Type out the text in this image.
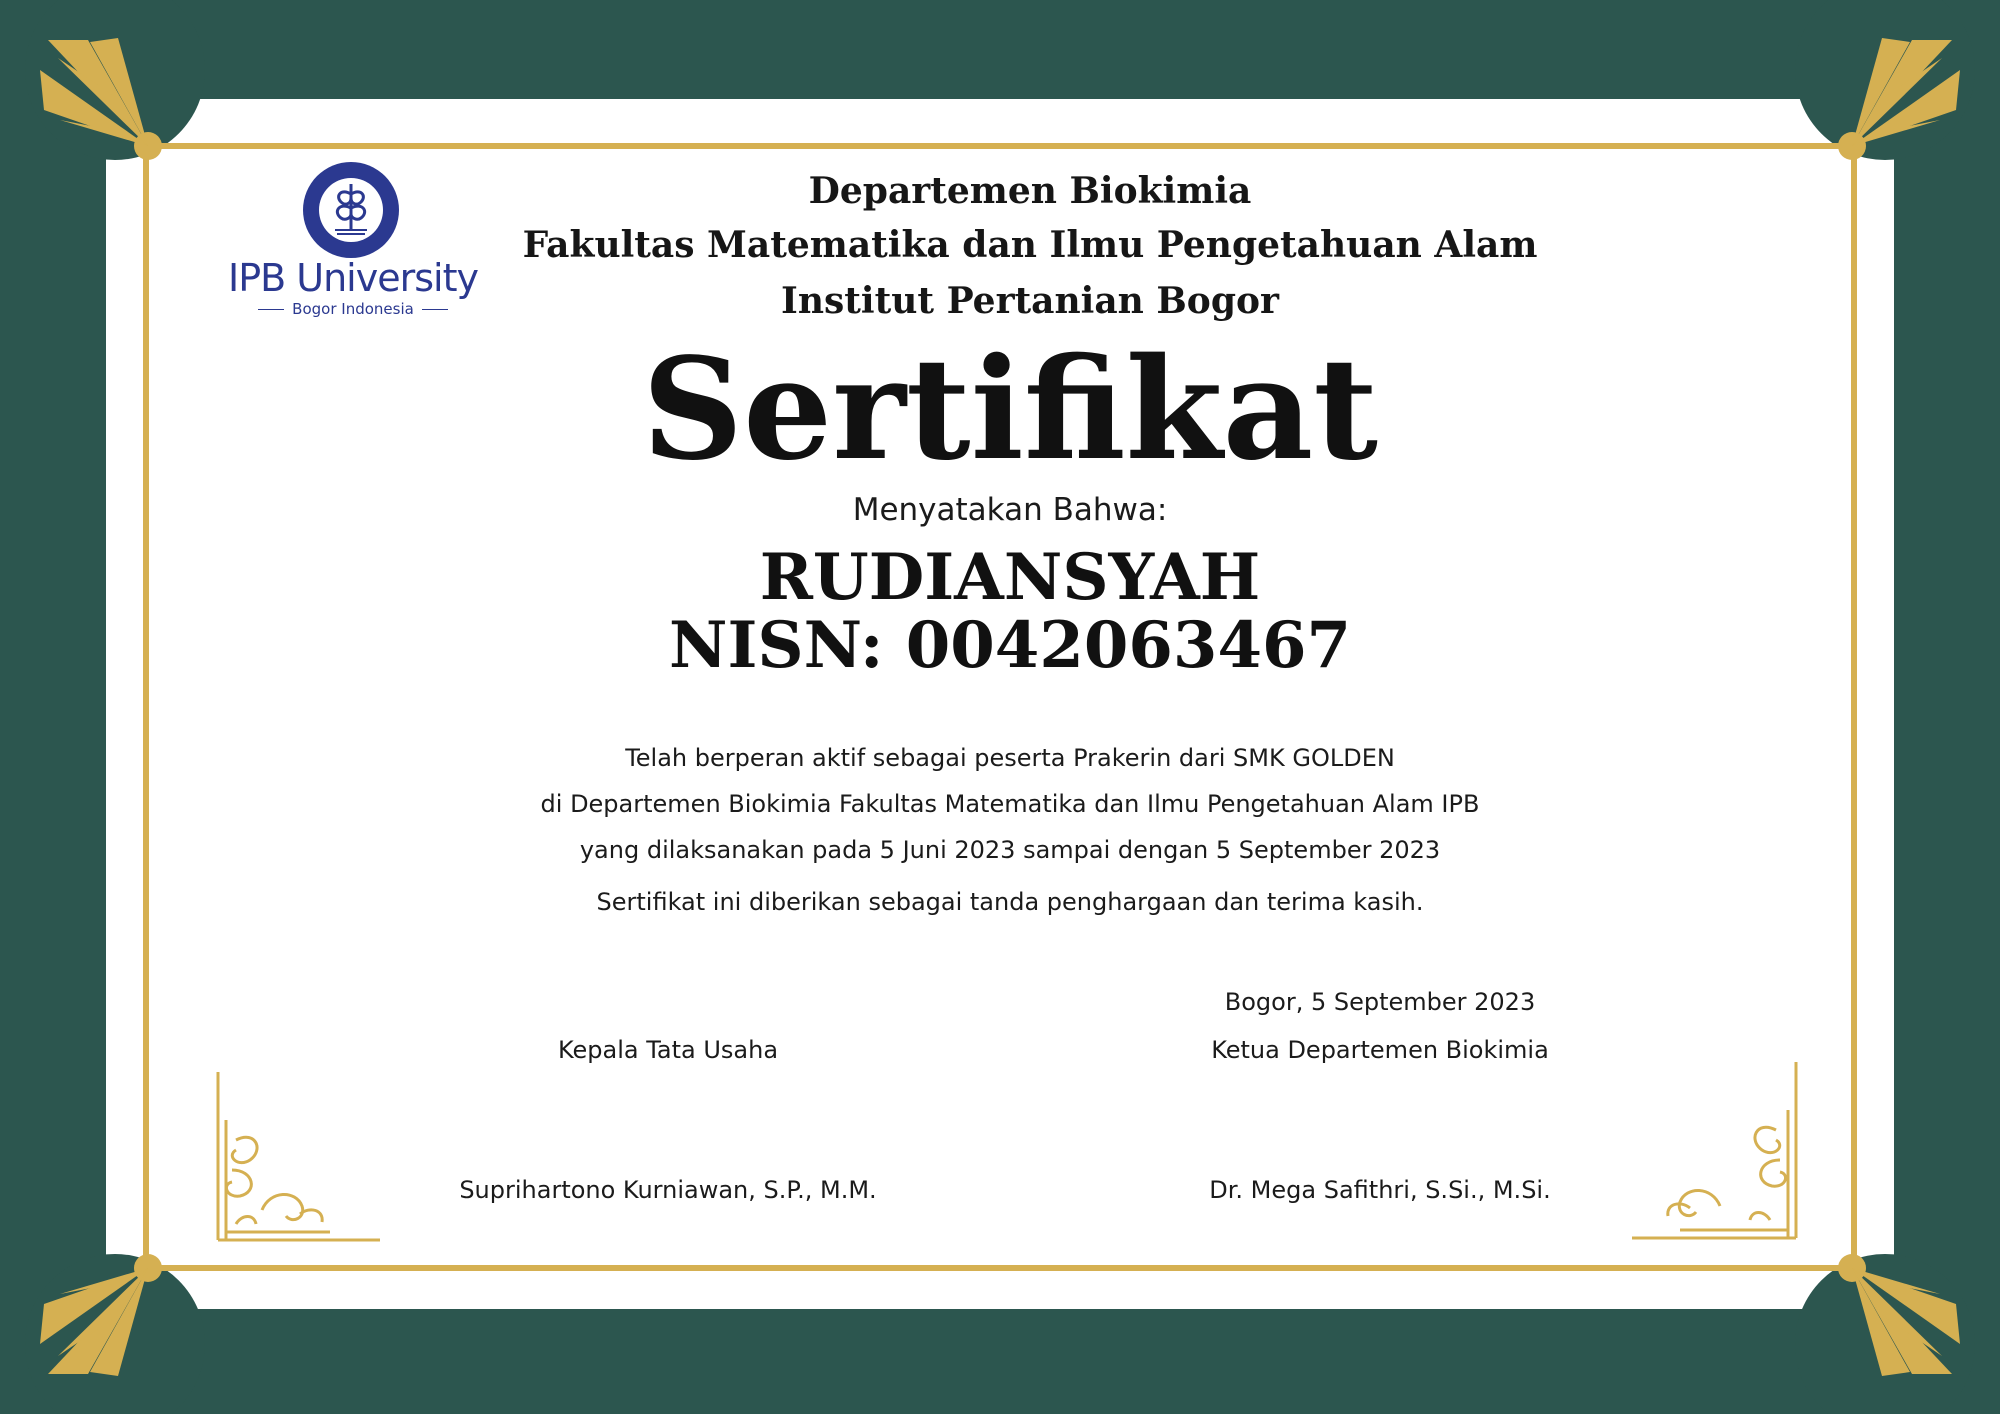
IPB University
Bogor Indonesia
Departemen Biokimia
Fakultas Matematika dan Ilmu Pengetahuan Alam
Institut Pertanian Bogor
Sertifikat
Menyatakan Bahwa:
RUDIANSYAH
NISN: 0042063467
Telah berperan aktif sebagai peserta Prakerin dari SMK GOLDEN
di Departemen Biokimia Fakultas Matematika dan Ilmu Pengetahuan Alam IPB
yang dilaksanakan pada 5 Juni 2023 sampai dengan 5 September 2023
Sertifikat ini diberikan sebagai tanda penghargaan dan terima kasih.
Bogor, 5 September 2023
Kepala Tata Usaha	Ketua Departemen Biokimia
Suprihartono Kurniawan, S.P., M.M.	Dr. Mega Safithri, S.Si., M.Si.
